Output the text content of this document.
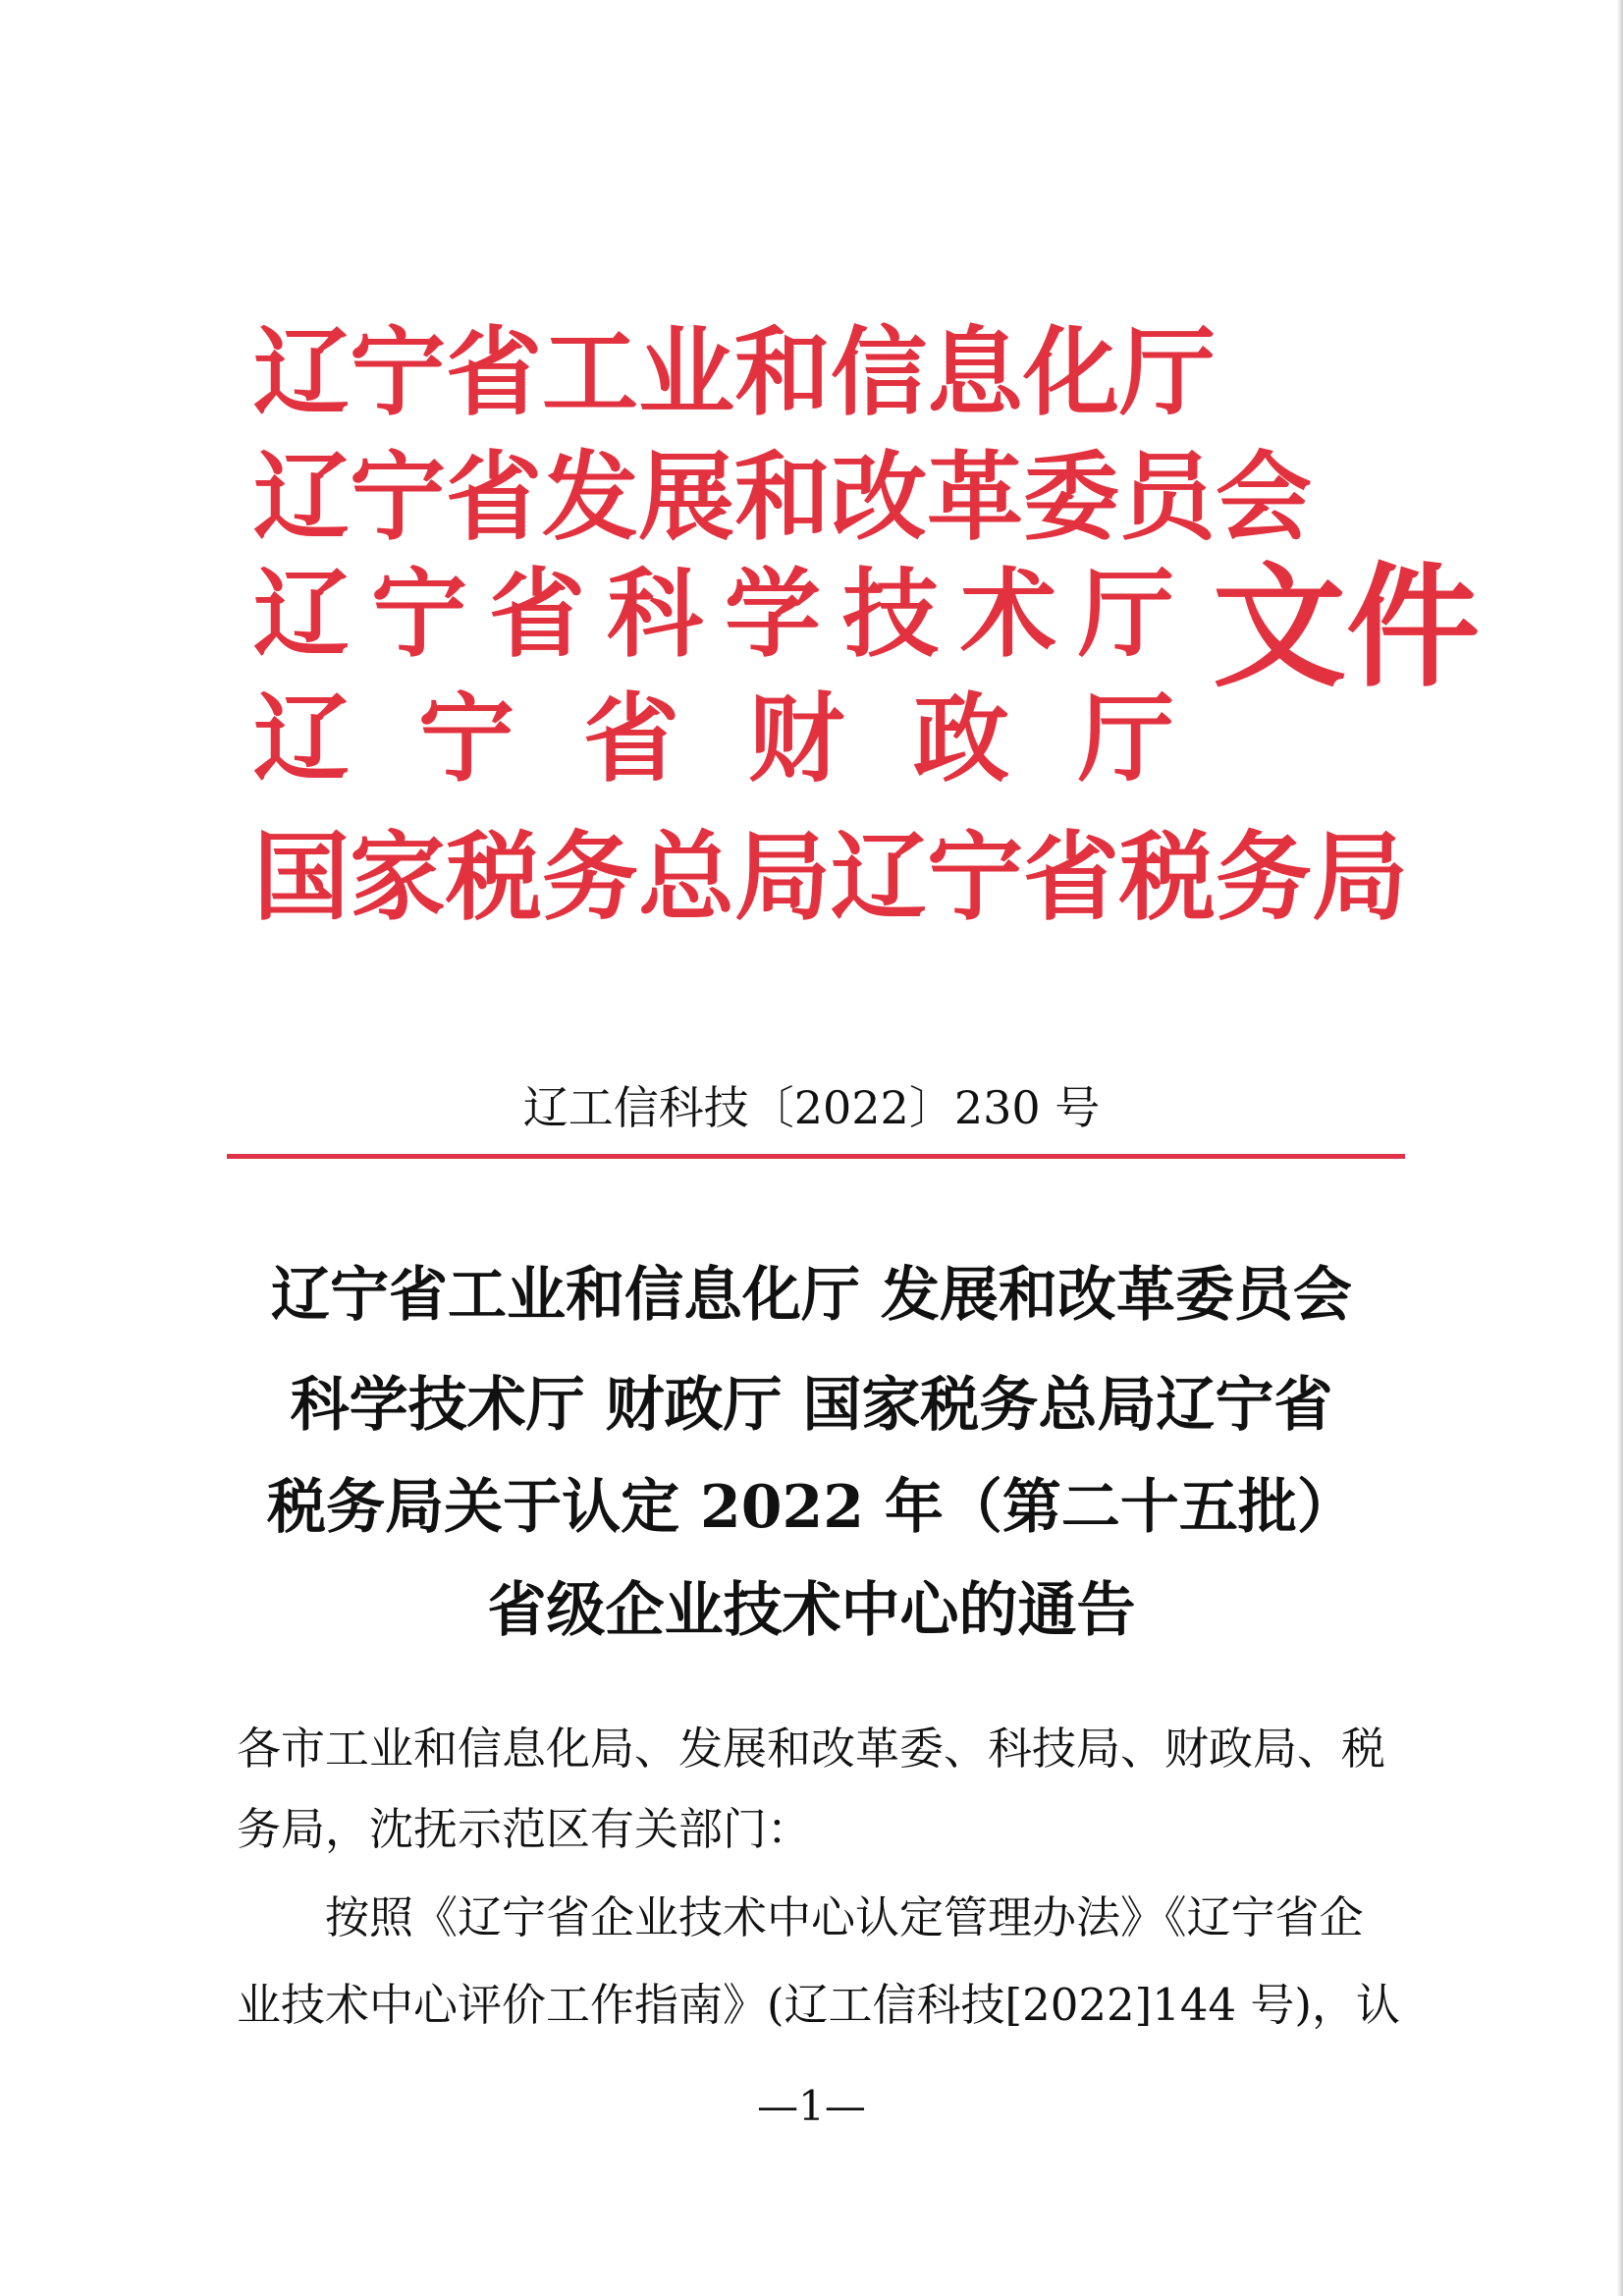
辽宁省工业和信息化厅
辽宁省发展和改革委员会
辽宁省科学技术厅
辽宁省财政厅
国家税务总局辽宁省税务局
文件
辽工信科技〔2022〕230 号
辽宁省工业和信息化厅 发展和改革委员会
科学技术厅 财政厅 国家税务总局辽宁省
税务局关于认定 2022 年（第二十五批）
省级企业技术中心的通告
各市工业和信息化局、发展和改革委、科技局、财政局、税
务局，沈抚示范区有关部门：
按照《辽宁省企业技术中心认定管理办法》《辽宁省企
业技术中心评价工作指南》(辽工信科技[2022]144 号)，认
—1—
